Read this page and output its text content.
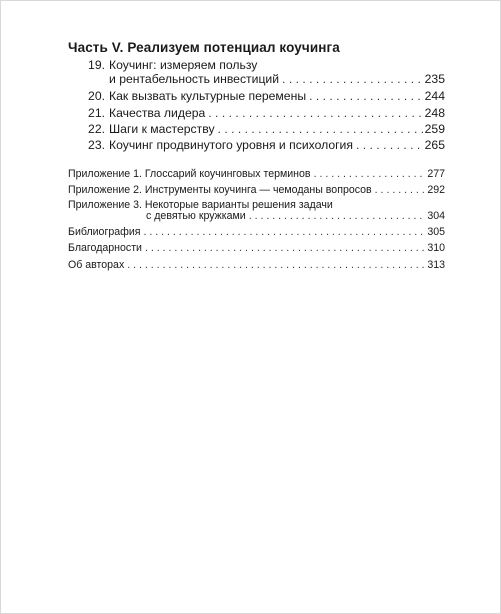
Часть V. Реализуем потенциал коучинга
19. Коучинг: измеряем пользу
и рентабельность инвестиций . . .	235
20. Как вызвать культурные перемены . . .	244
21. Качества лидера . . .	248
22. Шаги к мастерству . . .	259
23. Коучинг продвинутого уровня и психология . . .	265
Приложение 1. Глоссарий коучинговых терминов . . .	277
Приложение 2. Инструменты коучинга — чемоданы вопросов . . .	292
Приложение 3. Некоторые варианты решения задачи
с девятью кружками . . .	304
Библиография . . .	305
Благодарности . . .	310
Об авторах . . .	313
